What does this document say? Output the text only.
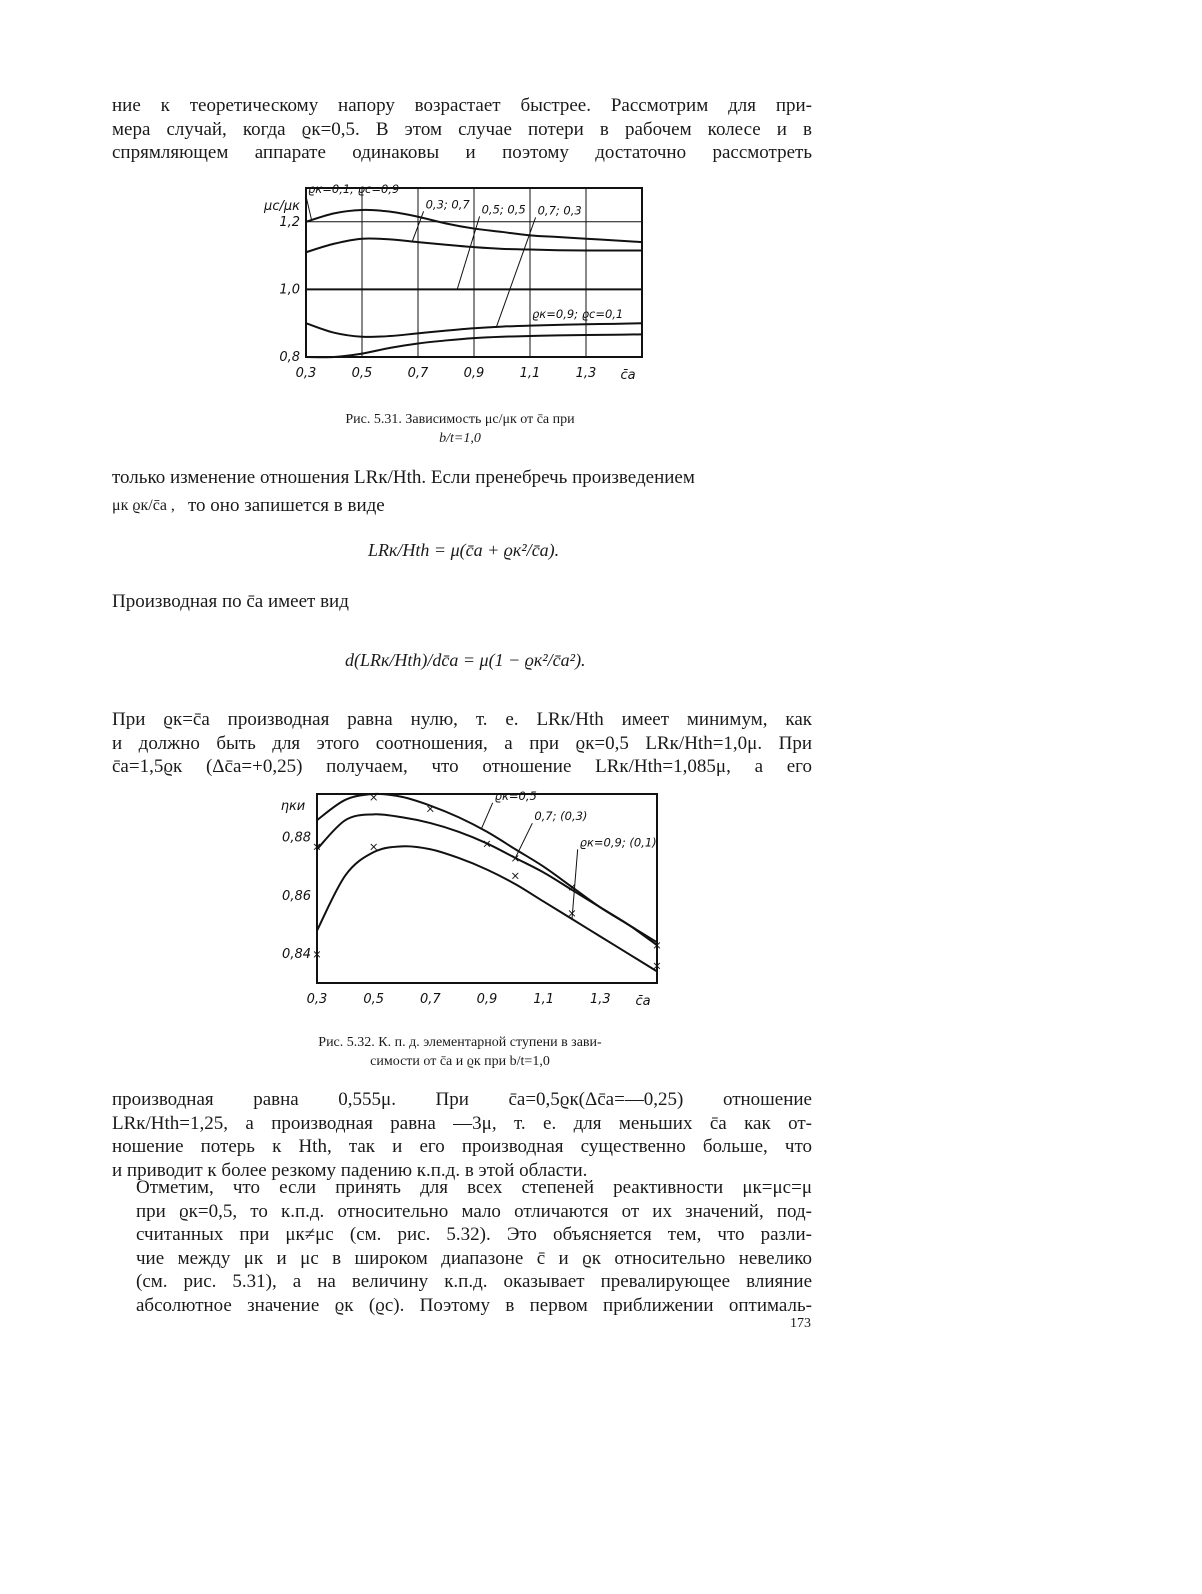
ние к теоретическому напору возрастает быстрее. Рассмотрим для при-
мера случай, когда ϱк=0,5. В этом случае потери в рабочем колесе и в
спрямляющем аппарате одинаковы и поэтому достаточно рассмотреть
0,3	0,5	0,7	0,9	1,1	1,3 c̄a
0,8
1,0
1,2
μc/μк
ϱк=0,1; ϱс=0,9
0,3; 0,7 0,5; 0,5 0,7; 0,3
ϱк=0,9; ϱс=0,1

Рис. 5.31. Зависимость μc/μк от c̄a при
b/t=1,0

только изменение отношения LRк/Hth. Если пренебречь произведением
μк ϱк/c̄a , то оно запишется в виде
LRк/Hth = μ(c̄a + ϱк²/c̄a).
Производная по c̄a имеет вид
d(LRк/Hth)/dc̄a = μ(1 − ϱк²/c̄a²).
При ϱк=c̄a производная равна нулю, т. е. LRк/Hth имеет минимум, как
и должно быть для этого соотношения, а при ϱк=0,5 LRк/Hth=1,0μ. При
c̄a=1,5ϱк (Δc̄a=+0,25) получаем, что отношение LRк/Hth=1,085μ, а его
0,3	0,5	0,7	0,9	1,1	1,3 c̄a
0,84
0,86
0,88
ηки
ϱк=0,5
0,7; (0,3)
ϱк=0,9; (0,1)
×
×
×
×	×
×
×
×
×
×
×
×

Рис. 5.32. К. п. д. элементарной ступени в зави-
симости от c̄a и ϱк при b/t=1,0

производная равна 0,555μ. При c̄a=0,5ϱк(Δc̄a=—0,25) отношение
LRк/Hth=1,25, а производная равна —3μ, т. е. для меньших c̄a как от-
ношение потерь к Hth, так и его производная существенно больше, что
и приводит к более резкому падению к.п.д. в этой области.
Отметим, что если принять для всех степеней реактивности μк=μc=μ
при ϱк=0,5, то к.п.д. относительно мало отличаются от их значений, под-
считанных при μк≠μc (см. рис. 5.32). Это объясняется тем, что разли-
чие между μк и μc в широком диапазоне c̄ и ϱк относительно невелико
(см. рис. 5.31), а на величину к.п.д. оказывает превалирующее влияние
абсолютное значение ϱк (ϱc). Поэтому в первом приближении оптималь-
173
